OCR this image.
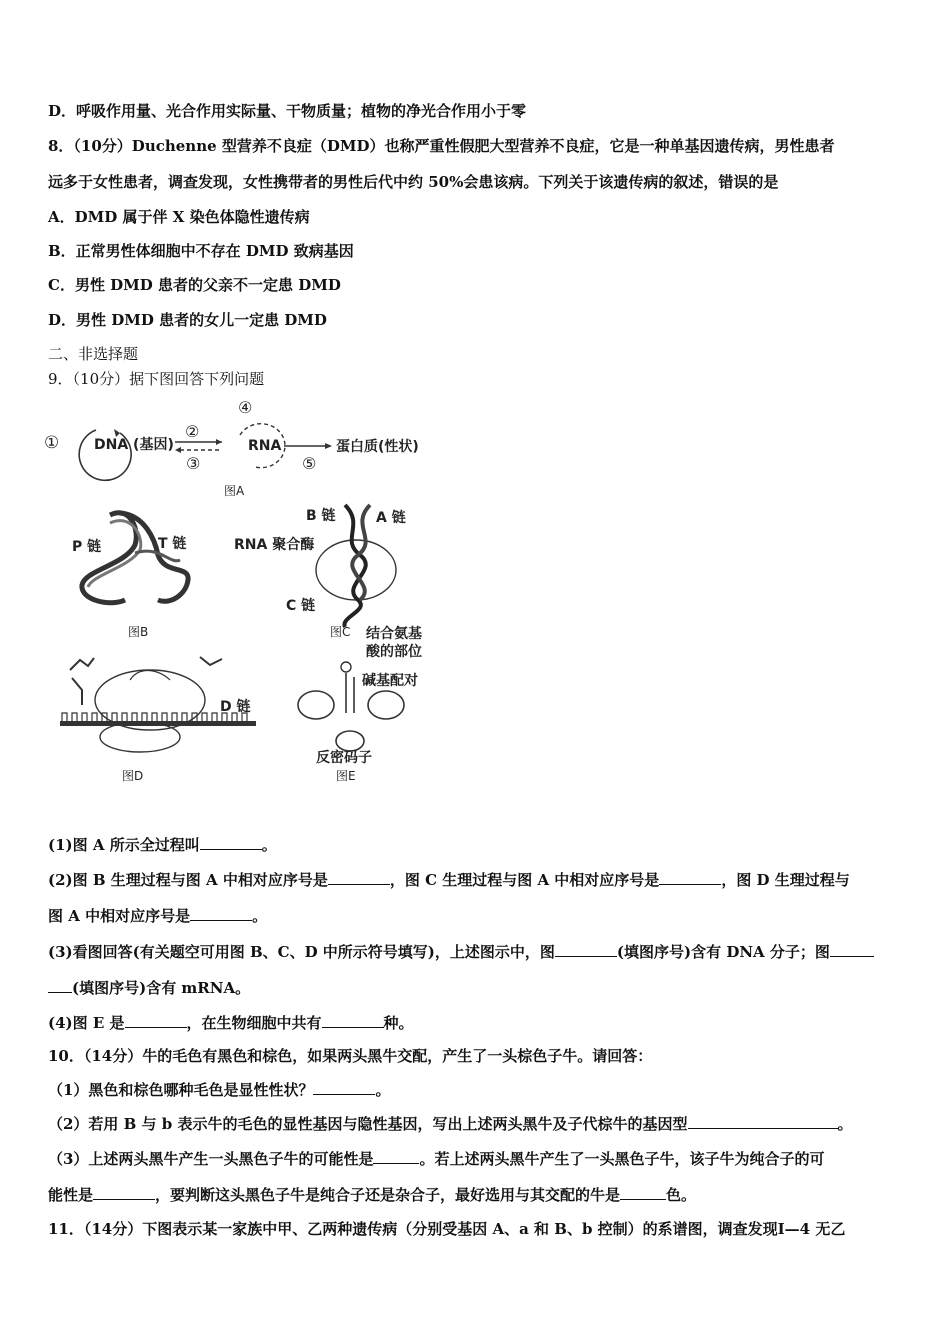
D．呼吸作用量、光合作用实际量、干物质量；植物的净光合作用小于零
8．（10分）Duchenne 型营养不良症（DMD）也称严重性假肥大型营养不良症，它是一种单基因遗传病，男性患者
远多于女性患者，调查发现，女性携带者的男性后代中约 50%会患该病。下列关于该遗传病的叙述，错误的是
A．DMD 属于伴 X 染色体隐性遗传病
B．正常男性体细胞中不存在 DMD 致病基因
C．男性 DMD 患者的父亲不一定患 DMD
D．男性 DMD 患者的女儿一定患 DMD
二、非选择题
9．（10分）据下图回答下列问题
① DNA (基因)
②
③
④
RNA
⑤
蛋白质(性状)
图A
P 链	T 链
图B
B 链	A 链
RNA 聚合酶
C 链
图C
D 链
图D
结合氨基
酸的部位
碱基配对
反密码子
图E
(1)图 A 所示全过程叫	。
(2)图 B 生理过程与图 A 中相对应序号是	，图 C 生理过程与图 A 中相对应序号是	，图 D 生理过程与
图 A 中相对应序号是	。
(3)看图回答(有关题空可用图 B、C、D 中所示符号填写)，上述图示中，图	(填图序号)含有 DNA 分子；图
(填图序号)含有 mRNA。
(4)图 E 是	，在生物细胞中共有	种。
10．（14分）牛的毛色有黑色和棕色，如果两头黑牛交配，产生了一头棕色子牛。请回答：
（1）黑色和棕色哪种毛色是显性性状？	。
（2）若用 B 与 b 表示牛的毛色的显性基因与隐性基因，写出上述两头黑牛及子代棕牛的基因型	。
（3）上述两头黑牛产生一头黑色子牛的可能性是	。若上述两头黑牛产生了一头黑色子牛，该子牛为纯合子的可
能性是	，要判断这头黑色子牛是纯合子还是杂合子，最好选用与其交配的牛是	色。
11．（14分）下图表示某一家族中甲、乙两种遗传病（分别受基因 A、a 和 B、b 控制）的系谱图，调查发现Ⅰ—4 无乙
